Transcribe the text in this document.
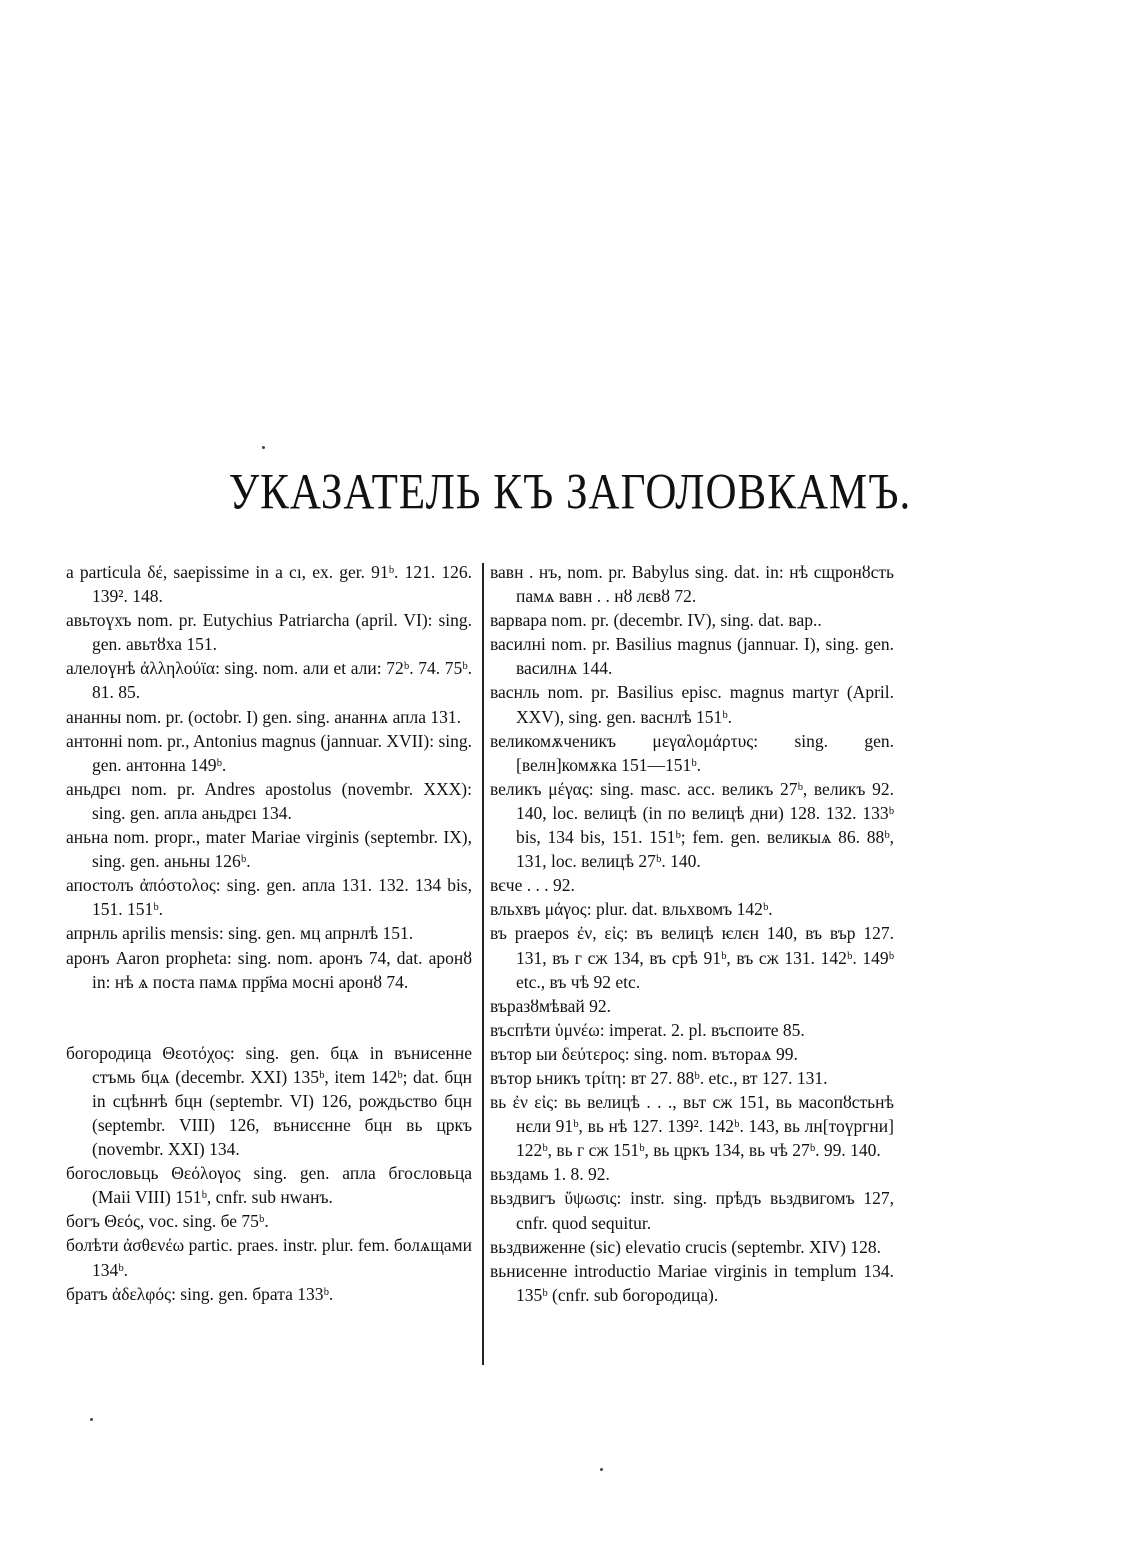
УКАЗАТЕЛЬ КЪ ЗАГОЛОВКАМЪ.

a particula δέ, saepissime in a cı, ex. ger. 91ᵇ. 121. 126. 139². 148.

авьтоүхъ nom. pr. Eutychius Patriarcha (april. VI): sing. gen. авьтȣха 151.

алелоүнѣ ἀλληλούϊα: sing. nom. али et али: 72ᵇ. 74. 75ᵇ. 81. 85.

ананны nom. pr. (octobr. I) gen. sing. ананнѧ апла 131.

антонні nom. pr., Antonius magnus (jannuar. XVII): sing. gen. антонна 149ᵇ.

аньдрєı nom. pr. Andres apostolus (novembr. XXX): sing. gen. апла аньдрєı 134.

аньна nom. propr., mater Mariae virginis (septembr. IX), sing. gen. аньны 126ᵇ.

апостолъ ἀπόστολος: sing. gen. апла 131. 132. 134 bis, 151. 151ᵇ.

апрнль aprilis mensis: sing. gen. мц апрнлѣ 151.

аронъ Aaron propheta: sing. nom. аронъ 74, dat. аронȣ in: нѣ ѧ поста памѧ прр҃ма мосні аронȣ 74.

богородица Θεοτόχος: sing. gen. бцѧ in вънисенне стъмь бцѧ (decembr. XXI) 135ᵇ, item 142ᵇ; dat. бцн in сцѣннѣ бцн (septembr. VI) 126, рождьство бцн (septembr. VIII) 126, вънисєнне бцн вь цркъ (novembr. XXI) 134.

богословьць Θεόλογος sing. gen. апла бгословьца (Maii VIII) 151ᵇ, cnfr. sub нwанъ.

богъ Θεός, voc. sing. бе 75ᵇ.

болѣти ἀσθενέω partic. praes. instr. plur. fem. болѧщами 134ᵇ.

братъ ἀδελφός: sing. gen. брата 133ᵇ.

вавн . нъ, nom. pr. Babylus sing. dat. in: нѣ сщронȣсть памѧ вавн . . нȣ лєвȣ 72.

варвара nom. pr. (decembr. IV), sing. dat. вар..

василні nom. pr. Basilius magnus (jannuar. I), sing. gen. василнѧ 144.

васнль nom. pr. Basilius episc. magnus martyr (April. XXV), sing. gen. васнлѣ 151ᵇ.

великомѫченикъ μεγαλομάρτυς: sing. gen. [велн]комѫка 151—151ᵇ.

великъ μέγας: sing. masc. acc. великъ 27ᵇ, великъ 92. 140, loc. велицѣ (in по велицѣ дни) 128. 132. 133ᵇ bis, 134 bis, 151. 151ᵇ; fem. gen. великыѧ 86. 88ᵇ, 131, loc. велицѣ 27ᵇ. 140.

вєче . . . 92.

вльхвъ μάγος: plur. dat. вльхвомъ 142ᵇ.

въ praepos ἐν, εἰς: въ велицѣ ѥлєн 140, въ вър 127. 131, въ г сж 134, въ срѣ 91ᵇ, въ сж 131. 142ᵇ. 149ᵇ etc., въ чѣ 92 etc.

въразȣмѣвай 92.

въспѣти ὑμνέω: imperat. 2. pl. въспоите 85.

вътор ыи δεύτερος: sing. nom. вътораѧ 99.

вътор ьникъ τρίτη: вт 27. 88ᵇ. etc., вт 127. 131.

вь ἐν εἰς: вь велицѣ . . ., вьт сж 151, вь масопȣстьнѣ нєли 91ᵇ, вь нѣ 127. 139². 142ᵇ. 143, вь лн[тоүргни] 122ᵇ, вь г сж 151ᵇ, вь цркъ 134, вь чѣ 27ᵇ. 99. 140.

вьздамь 1. 8. 92.

вьздвигъ ὕψωσις: instr. sing. прѣдъ вьздвигомъ 127, cnfr. quod sequitur.

вьздвиженне (sic) elevatio crucis (septembr. XIV) 128.

вьнисенне introductio Mariae virginis in templum 134. 135ᵇ (cnfr. sub богородица).
